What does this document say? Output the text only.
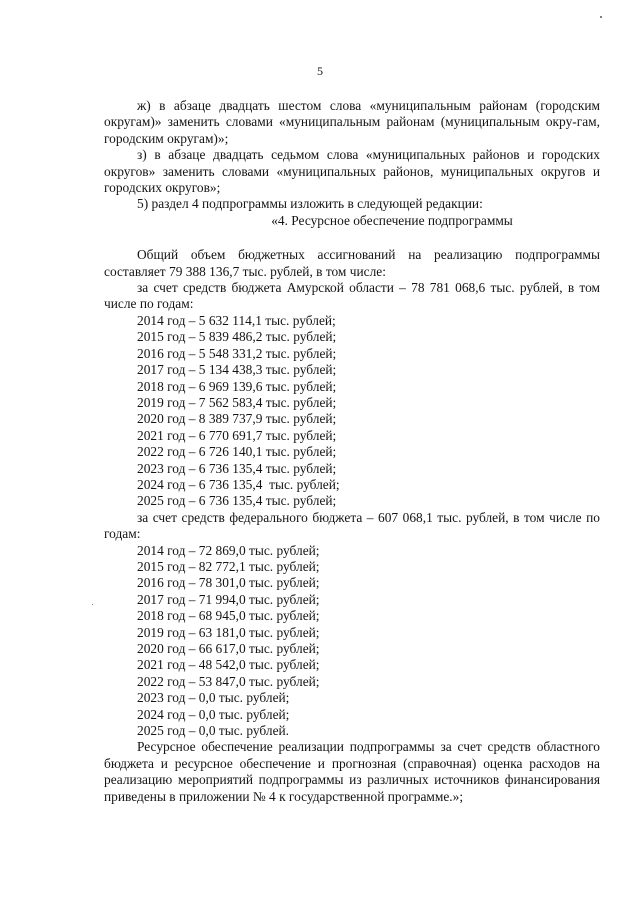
5

ж) в абзаце двадцать шестом слова «муниципальным районам (городским округам)» заменить словами «муниципальным районам (муниципальным окру-гам, городским округам)»;

з) в абзаце двадцать седьмом слова «муниципальных районов и городских округов» заменить словами «муниципальных районов, муниципальных округов и городских округов»;

5) раздел 4 подпрограммы изложить в следующей редакции:

«4. Ресурсное обеспечение подпрограммы

Общий объем бюджетных ассигнований на реализацию подпрограммы составляет 79 388 136,7 тыс. рублей, в том числе:

за счет средств бюджета Амурской области – 78 781 068,6 тыс. рублей, в том числе по годам:

2014 год – 5 632 114,1 тыс. рублей;

2015 год – 5 839 486,2 тыс. рублей;

2016 год – 5 548 331,2 тыс. рублей;

2017 год – 5 134 438,3 тыс. рублей;

2018 год – 6 969 139,6 тыс. рублей;

2019 год – 7 562 583,4 тыс. рублей;

2020 год – 8 389 737,9 тыс. рублей;

2021 год – 6 770 691,7 тыс. рублей;

2022 год – 6 726 140,1 тыс. рублей;

2023 год – 6 736 135,4 тыс. рублей;

2024 год – 6 736 135,4  тыс. рублей;

2025 год – 6 736 135,4 тыс. рублей;

за счет средств федерального бюджета – 607 068,1 тыс. рублей, в том числе по годам:

2014 год – 72 869,0 тыс. рублей;

2015 год – 82 772,1 тыс. рублей;

2016 год – 78 301,0 тыс. рублей;

2017 год – 71 994,0 тыс. рублей;

2018 год – 68 945,0 тыс. рублей;

2019 год – 63 181,0 тыс. рублей;

2020 год – 66 617,0 тыс. рублей;

2021 год – 48 542,0 тыс. рублей;

2022 год – 53 847,0 тыс. рублей;

2023 год – 0,0 тыс. рублей;

2024 год – 0,0 тыс. рублей;

2025 год – 0,0 тыс. рублей.

Ресурсное обеспечение реализации подпрограммы за счет средств областного бюджета и ресурсное обеспечение и прогнозная (справочная) оценка расходов на реализацию мероприятий подпрограммы из различных источников финансирования приведены в приложении № 4 к государственной программе.»;
